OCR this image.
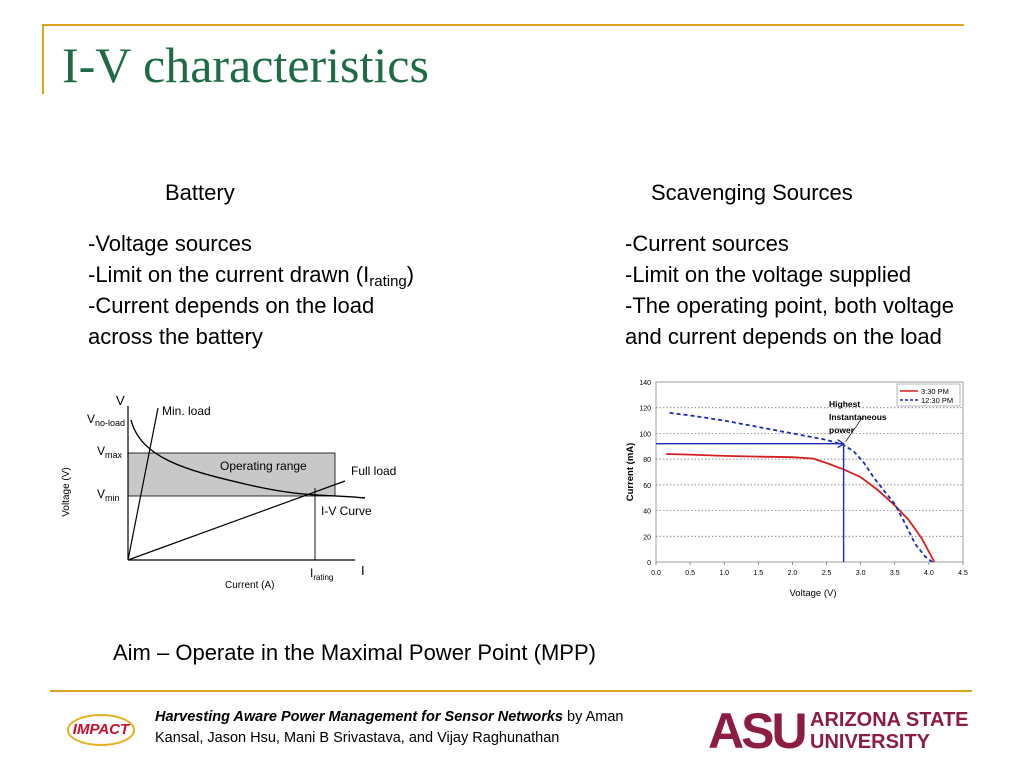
I-V characteristics
Battery
-Voltage sources
-Limit on the current drawn $(I_{rating})$
-Current depends on the load
across the battery
Scavenging Sources
-Current sources
-Limit on the voltage supplied
-The operating point, both voltage
and current depends on the load
V
$V_{no-load}$
$V_{max}$
$V_{min}$
Min. load
Operating range	Full load
I-V Curve
$I_{rating}$ I
Current (A)
Voltage (V)
0
20
40
60
80
100
120
140
0.0	0.5	1.0	1.5	2.0	2.5	3.0	3.5	4.0	4.5
Highest
Instantaneous
power
3:30 PM
12:30 PM
Voltage (V)
Current (mA)
Aim – Operate in the Maximal Power Point (MPP)
IMPACT
Harvesting Aware Power Management for Sensor Networks by Aman
Kansal, Jason Hsu, Mani B Srivastava, and Vijay Raghunathan	ASU ARIZONA STATE
UNIVERSITY
